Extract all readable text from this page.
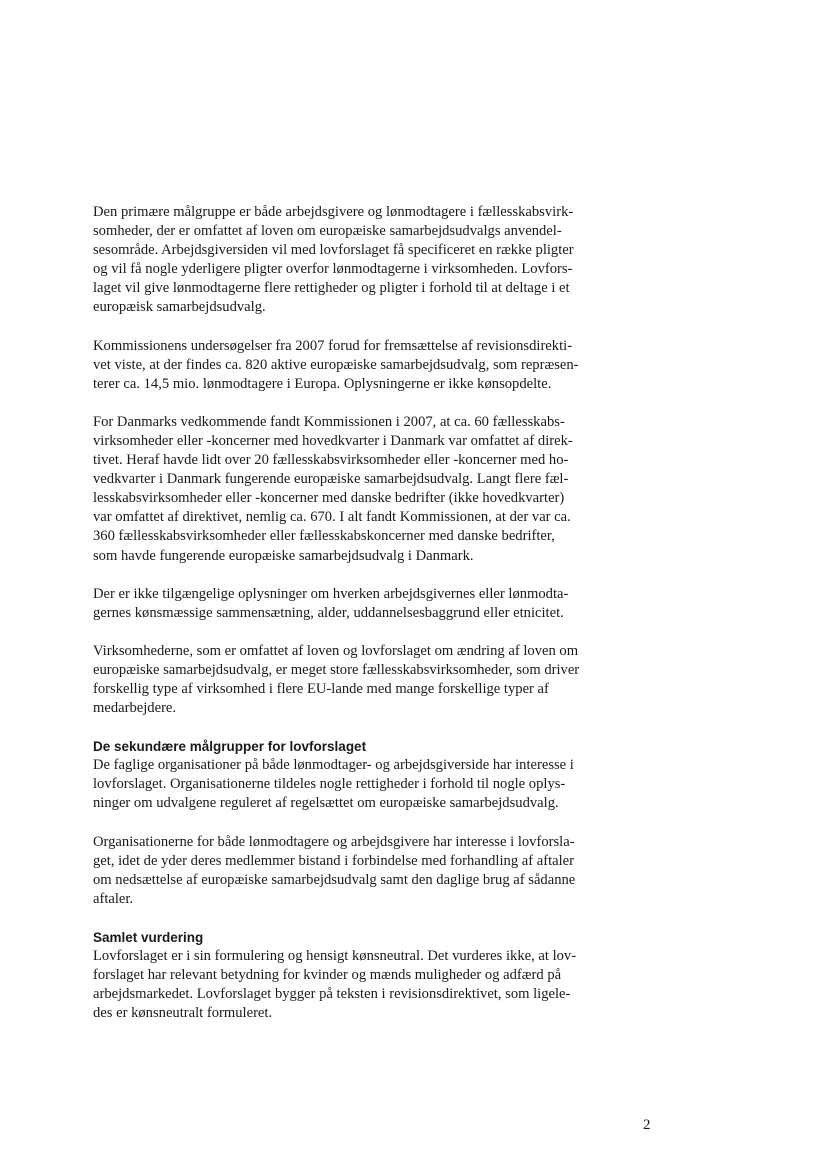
Den primære målgruppe er både arbejdsgivere og lønmodtagere i fællesskabsvirk-
somheder, der er omfattet af loven om europæiske samarbejdsudvalgs anvendel-
sesområde. Arbejdsgiversiden vil med lovforslaget få specificeret en række pligter
og vil få nogle yderligere pligter overfor lønmodtagerne i virksomheden. Lovfors-
laget vil give lønmodtagerne flere rettigheder og pligter i forhold til at deltage i et
europæisk samarbejdsudvalg.

Kommissionens undersøgelser fra 2007 forud for fremsættelse af revisionsdirekti-
vet viste, at der findes ca. 820 aktive europæiske samarbejdsudvalg, som repræsen-
terer ca. 14,5 mio. lønmodtagere i Europa. Oplysningerne er ikke kønsopdelte.

For Danmarks vedkommende fandt Kommissionen i 2007, at ca. 60 fællesskabs-
virksomheder eller -koncerner med hovedkvarter i Danmark var omfattet af direk-
tivet. Heraf havde lidt over 20 fællesskabsvirksomheder eller -koncerner med ho-
vedkvarter i Danmark fungerende europæiske samarbejdsudvalg. Langt flere fæl-
lesskabsvirksomheder eller -koncerner med danske bedrifter (ikke hovedkvarter)
var omfattet af direktivet, nemlig ca. 670. I alt fandt Kommissionen, at der var ca.
360 fællesskabsvirksomheder eller fællesskabskoncerner med danske bedrifter,
som havde fungerende europæiske samarbejdsudvalg i Danmark.

Der er ikke tilgængelige oplysninger om hverken arbejdsgivernes eller lønmodta-
gernes kønsmæssige sammensætning, alder, uddannelsesbaggrund eller etnicitet.

Virksomhederne, som er omfattet af loven og lovforslaget om ændring af loven om
europæiske samarbejdsudvalg, er meget store fællesskabsvirksomheder, som driver
forskellig type af virksomhed i flere EU-lande med mange forskellige typer af
medarbejdere.

De sekundære målgrupper for lovforslaget

De faglige organisationer på både lønmodtager- og arbejdsgiverside har interesse i
lovforslaget. Organisationerne tildeles nogle rettigheder i forhold til nogle oplys-
ninger om udvalgene reguleret af regelsættet om europæiske samarbejdsudvalg.

Organisationerne for både lønmodtagere og arbejdsgivere har interesse i lovforsla-
get, idet de yder deres medlemmer bistand i forbindelse med forhandling af aftaler
om nedsættelse af europæiske samarbejdsudvalg samt den daglige brug af sådanne
aftaler.

Samlet vurdering

Lovforslaget er i sin formulering og hensigt kønsneutral. Det vurderes ikke, at lov-
forslaget har relevant betydning for kvinder og mænds muligheder og adfærd på
arbejdsmarkedet. Lovforslaget bygger på teksten i revisionsdirektivet, som ligele-
des er kønsneutralt formuleret.

2
